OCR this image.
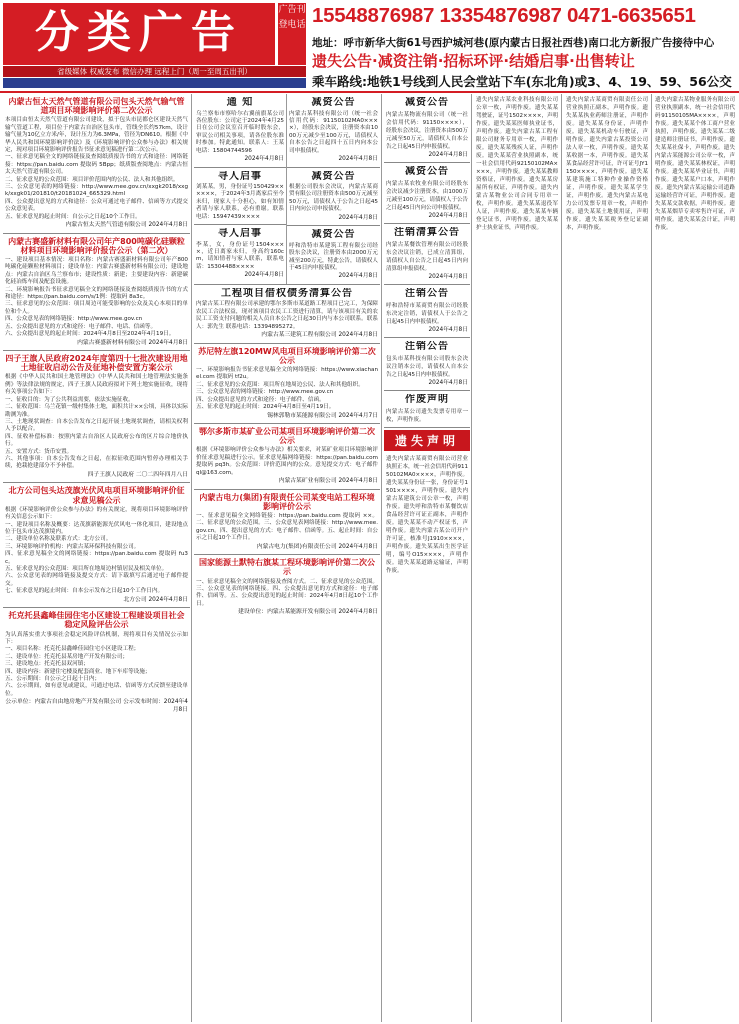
分类广告	广告刊登电话 15548876987 13354876987 0471-6635651
地址：呼市新华大街61号西护城河巷(原内蒙古日报社西巷)南口北方新报广告接待中心
省级媒体 权威发布 微信办理 远程上门（周一至周五出刊）
遗失公告·减资注销·招标环评·结婚启事·出售转让
乘车路线:地铁1号线到人民会堂站下车(东北角)或3、4、19、59、56公交
内蒙古恒太天然气管道有限公司包头天然气输气管道项目环境影响评价第二次公示
本项目由恒太天然气管道有限公司建设，拟于包头市昆都仑区建设天然气输气管道工程，项目位于内蒙古自治区包头市，管线全长约57km，设计输气量为10亿立方米/年，设计压力为6.3MPa，管径为DN610。根据《中华人民共和国环境影响评价法》及《环境影响评价公众参与办法》相关规定，现对项目环境影响评价报告书征求意见稿进行第二次公示。
一、征求意见稿全文的网络链接及查阅纸质报告书的方式和途径：网络链接：https://pan.baidu.com 提取码 5Bpp；纸质版查阅地点：内蒙古恒太天然气管道有限公司。
二、征求意见的公众范围：项目评价范围内的公民、法人和其他组织。
三、公众意见表的网络链接：http://www.mee.gov.cn/xxgk2018/xxgk/xxgk01/201810/t20181024_665329.html
四、公众提出意见的方式和途径：公众可通过电子邮件、信函等方式提交公众意见表。
五、征求意见的起止时间：自公示之日起10个工作日。
内蒙古恒太天然气管道有限公司 2024年4月8日
内蒙古赛盛新材料有限公司年产800吨碳化硅颗粒材料项目环境影响评价报告公示（第二次）
一、建设项目基本情况：项目名称：内蒙古赛盛新材料有限公司年产800吨碳化硅颗粒材料项目；建设单位：内蒙古赛盛新材料有限公司；建设地点：内蒙古自治区乌兰察布市；建设性质：新建；主要建设内容：新建碳化硅冶炼车间及配套设施。
二、环境影响报告书征求意见稿全文的网络链接及查阅纸质报告书的方式和途径：https://pan.baidu.com/s/1例：提取码 8a3c。
三、征求意见的公众范围：项目周边可能受影响的公众及关心本项目的单位和个人。
四、公众意见表的网络链接：http://www.mee.gov.cn
五、公众提出意见的方式和途径：电子邮件、电话、信函等。
六、公众提出意见的起止时间：2024年4月8日至2024年4月19日。
内蒙古赛盛新材料有限公司 2024年4月8日
四子王旗人民政府2024年度第四十七批次建设用地土地征收启动公告及征地补偿安置方案公示
根据《中华人民共和国土地管理法》《中华人民共和国土地管理法实施条例》等法律法规的规定，四子王旗人民政府拟对下列土地实施征收，现将有关事项公告如下：
一、征收目的：为了公共利益需要，依法实施征收。
二、征收范围：乌兰花镇一级村集体土地，面积共计××公顷，具体以实际勘测为准。
三、土地现状调查：自本公告发布之日起开展土地现状调查，请相关权利人予以配合。
四、征收补偿标准：按照内蒙古自治区人民政府公布的区片综合地价执行。
五、安置方式：货币安置。
六、其他事项：自本公告发布之日起，在拟征收范围内暂停办理相关手续，抢栽抢建部分不予补偿。
四子王旗人民政府 二〇二四年四月八日
北方公司包头达茂旗光伏风电项目环境影响评价征求意见稿公示
根据《环境影响评价公众参与办法》的有关规定，现将项目环境影响评价有关信息公示如下：
一、建设项目名称及概要：达茂旗新能源光伏风电一体化项目，建设地点位于包头市达茂旗境内。
二、建设单位名称及联系方式：北方公司。
三、环境影响评价机构：内蒙古某环保科技有限公司。
四、征求意见稿全文的网络链接：https://pan.baidu.com 提取码 fu3c。
五、征求意见的公众范围：项目所在地周边村镇居民及相关单位。
六、公众意见表的网络链接及提交方式：请下载填写后通过电子邮件提交。
七、征求意见的起止时间：自本公示发布之日起10个工作日内。
北方公司 2024年4月8日
托克托县鑫峰佳园住宅小区建设工程建设项目社会稳定风险评估公示
为认真落实重大事项社会稳定风险评估机制，现将项目有关情况公示如下：
一、项目名称：托克托县鑫峰佳园住宅小区建设工程；
二、建设单位：托克托县某房地产开发有限公司；
三、建设地点：托克托县双河镇；
四、建设内容：新建住宅楼及配套商业、地下车库等设施；
五、公示期间：自公示之日起十日内；
六、公示期间，如有意见或建议，可通过电话、信函等方式反馈至建设单位。
公示单位：内蒙古自由地房地产开发有限公司 公示发布时间：2024年4月8日
通 知
乌兰察布市察哈尔右翼前旗某公司各位股东：公司定于2024年4月25日在公司会议室召开临时股东会，审议公司相关事项，请各位股东准时参加。特此通知。联系人：王某 电话：15804744596
2024年4月8日
寻人启事
刘某某，男，身份证号150429××××××，于2024年3月离家后至今未归，现家人十分担心，如有知情者请与家人联系，必有重谢。联系电话：15947439××××
寻人启事
李某，女，身份证号1504××××，近日离家未归，身高约160cm，请知情者与家人联系，联系电话：15304488××××
2024年4月8日
减资公告
内蒙古某科技有限公司（统一社会信用代码：91150102MA0××××），经股东会决议，注册资本由1000万元减少至100万元，请债权人自本公告之日起四十五日内向本公司申报债权。
2024年4月8日
减资公告
根据公司股东会决议，内蒙古某商贸有限公司注册资本由500万元减至50万元，请债权人于公告之日起45日内向公司申报债权。
2024年4月8日
减资公告
呼和浩特市某建筑工程有限公司经股东会决议，注册资本由2000万元减至200万元，特此公告，请债权人于45日内申报债权。
2024年4月8日
工程项目借权债务清算公告
内蒙古某工程有限公司承建的鄂尔多斯市某道路工程项目已完工，为保障农民工合法权益，现对该项目农民工工资进行清算，请与该项目有关的农民工工资支付问题的相关人员自本公告之日起30日内与本公司联系。联系人：郭先生 联系电话：13394895272。
内蒙古某三建筑工程有限公司 2024年4月8日
苏尼特左旗120MW风电项目环境影响评价第二次公示
一、环境影响报告书征求意见稿全文的网络链接：https://www.xiachanel.com 提取码 tf2u。
二、征求意见的公众范围：项目所在地周边公民、法人和其他组织。
三、公众意见表的网络链接：http://www.mee.gov.cn
四、公众提出意见的方式和途径：电子邮件、信函。
五、征求意见的起止时间：2024年4月8日至4月19日。
锡林郭勒市某能源有限公司 2024年4月7日
鄂尔多斯市某矿业公司某项目环境影响评价第二次公示
根据《环境影响评价公众参与办法》相关要求，对某矿业项目环境影响评价征求意见稿进行公示。征求意见稿网络链接：https://pan.baidu.com 提取码 pq3h。公众范围：评价范围内的公众。意见提交方式：电子邮件 ql@163.com。
内蒙古某矿业有限公司 2024年4月8日
内蒙古电力(集团)有限责任公司某变电站工程环境影响评价公示
一、征求意见稿全文网络链接：https://pan.baidu.com 提取码 ××。二、征求意见的公众范围。三、公众意见表网络链接：http://www.mee.gov.cn。四、提出意见的方式：电子邮件、信函等。五、起止时间：自公示之日起10个工作日。
内蒙古电力(集团)有限责任公司 2024年4月8日
国家能源土默特右旗某工程环境影响评价第二次公示
一、征求意见稿全文的网络链接及查阅方式。二、征求意见的公众范围。三、公众意见表的网络链接。四、公众提出意见的方式和途径：电子邮件、信函等。五、公众提出意见的起止时间：2024年4月8日起10个工作日。
建设单位：内蒙古某能源开发有限公司 2024年4月8日
减资公告
内蒙古某物流有限公司（统一社会信用代码：91150××××），经股东会决议，注册资本由500万元减至50万元，请债权人自本公告之日起45日内申报债权。
2024年4月8日
减资公告
内蒙古某农牧业有限公司经股东会决议减少注册资本，由1000万元减至100万元，请债权人于公告之日起45日内向公司申报债权。
2024年4月8日
注销清算公告
内蒙古某餐饮管理有限公司经股东会决议注销，已成立清算组，请债权人自公告之日起45日内向清算组申报债权。
2024年4月8日
注销公告
呼和浩特市某商贸有限公司经股东决定注销，请债权人于公告之日起45日内申报债权。
2024年4月8日
注销公告
包头市某科技有限公司股东会决议注销本公司，请债权人自本公告之日起45日内申报债权。
2024年4月8日
作废声明
内蒙古某公司遗失发票专用章一枚，声明作废。
遗失声明
遗失内蒙古某商贸有限公司营业执照正本，统一社会信用代码91150102MA0××××，声明作废。遗失某某身份证一张，身份证号1501××××，声明作废。遗失内蒙古某建筑公司公章一枚，声明作废。遗失呼和浩特市某餐饮店食品经营许可证正副本，声明作废。遗失某某不动产权证书，声明作废。遗失内蒙古某公司开户许可证，核准号J1910××××，声明作废。遗失某某出生医学证明，编号O15××××，声明作废。遗失某某道路运输证，声明作废。
遗失内蒙古某农业科技有限公司公章一枚，声明作废。遗失某某驾驶证，证号1502××××，声明作废。遗失某某医师执业证书，声明作废。遗失内蒙古某工程有限公司财务专用章一枚，声明作废。遗失某某残疾人证，声明作废。遗失某某营业执照副本，统一社会信用代码92150102MA××××，声明作废。遗失某某教师资格证，声明作废。遗失某某房屋所有权证，声明作废。遗失内蒙古某物业公司合同专用章一枚，声明作废。遗失某某退役军人证，声明作废。遗失某某车辆登记证书，声明作废。遗失某某护士执业证书，声明作废。
遗失内蒙古某商贸有限责任公司营业执照正副本，声明作废。遗失某某执业药师注册证，声明作废。遗失某某身份证，声明作废。遗失某某机动车行驶证，声明作废。遗失内蒙古某投资公司法人章一枚，声明作废。遗失某某收据一本，声明作废。遗失某某食品经营许可证，许可证号JY1150××××，声明作废。遗失某某建筑施工特种作业操作资格证，声明作废。遗失某某学生证，声明作废。遗失内蒙古某电力公司发票专用章一枚，声明作废。遗失某某土地使用证，声明作废。遗失某某税务登记证副本，声明作废。
遗失内蒙古某物业服务有限公司营业执照副本，统一社会信用代码91150105MA××××，声明作废。遗失某某个体工商户营业执照，声明作废。遗失某某二级建造师注册证书，声明作废。遗失某某社保卡，声明作废。遗失内蒙古某能源公司公章一枚，声明作废。遗失某某林权证，声明作废。遗失某某毕业证书，声明作废。遗失某某户口本，声明作废。遗失内蒙古某运输公司道路运输经营许可证，声明作废。遗失某某交款收据，声明作废。遗失某某烟草专卖零售许可证，声明作废。遗失某某会计证，声明作废。
